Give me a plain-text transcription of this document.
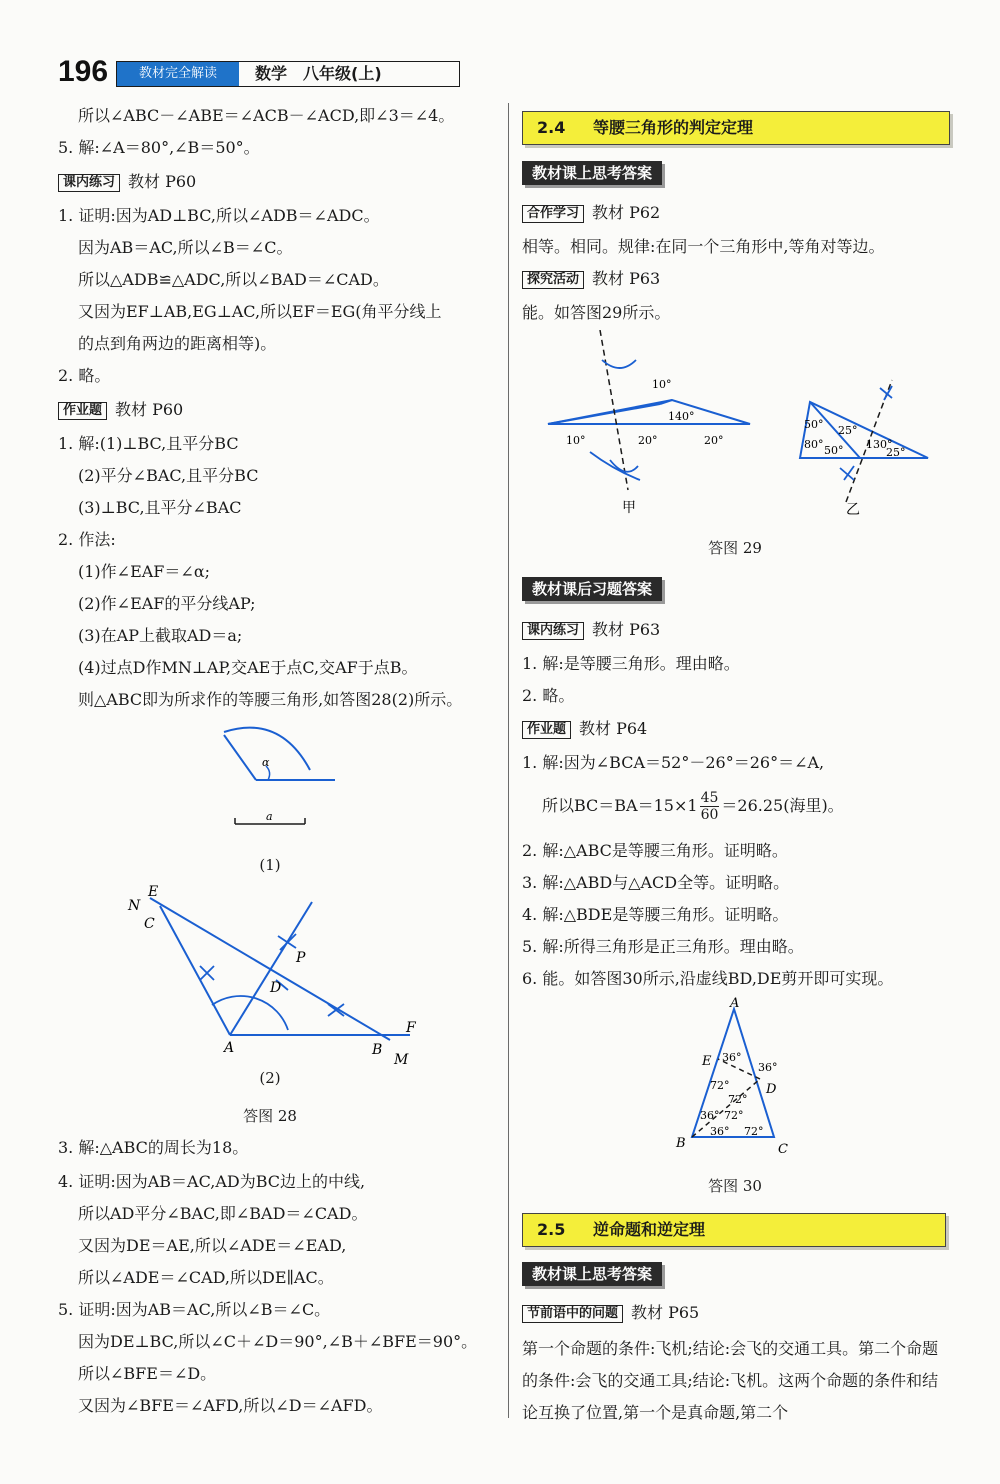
196	教材完全解读	数学　八年级(上)
所以∠ABC－∠ABE＝∠ACB－∠ACD,即∠3＝∠4。
5. 解:∠A＝80°,∠B＝50°。
课内练习 教材 P60
1. 证明:因为AD⊥BC,所以∠ADB＝∠ADC。
因为AB＝AC,所以∠B＝∠C。
所以△ADB≌△ADC,所以∠BAD＝∠CAD。
又因为EF⊥AB,EG⊥AC,所以EF＝EG(角平分线上
的点到角两边的距离相等)。
2. 略。
作业题 教材 P60
1. 解:(1)⊥BC,且平分BC
(2)平分∠BAC,且平分BC
(3)⊥BC,且平分∠BAC
2. 作法:
(1)作∠EAF＝∠α;
(2)作∠EAF的平分线AP;
(3)在AP上截取AD＝a;
(4)过点D作MN⊥AP,交AE于点C,交AF于点B。
则△ABC即为所求作的等腰三角形,如答图28(2)所示。
α
a
(1)
E
N
C
P
D
A	B
F
M
(2)
答图 28
3. 解:△ABC的周长为18。
4. 证明:因为AB＝AC,AD为BC边上的中线,
所以AD平分∠BAC,即∠BAD＝∠CAD。
又因为DE＝AE,所以∠ADE＝∠EAD,
所以∠ADE＝∠CAD,所以DE∥AC。
5. 证明:因为AB＝AC,所以∠B＝∠C。
因为DE⊥BC,所以∠C＋∠D＝90°,∠B＋∠BFE＝90°。
所以∠BFE＝∠D。
又因为∠BFE＝∠AFD,所以∠D＝∠AFD。
2.4 等腰三角形的判定定理
教材课上思考答案
合作学习 教材 P62
相等。相同。规律:在同一个三角形中,等角对等边。
探究活动 教材 P63
能。如答图29所示。
10°
140°
10°	20°	20°
甲
50°
80°
25°
50° 130°
25°
乙
答图 29
教材课后习题答案
课内练习 教材 P63
1. 解:是等腰三角形。理由略。
2. 略。
作业题 教材 P64
1. 解:因为∠BCA＝52°－26°＝26°＝∠A,
所以$BC=BA=15\times 1 \frac{45}{60} =26.25$(海里)。
2. 解:△ABC是等腰三角形。证明略。
3. 解:△ABD与△ACD全等。证明略。
4. 解:△BDE是等腰三角形。证明略。
5. 解:所得三角形是正三角形。理由略。
6. 能。如答图30所示,沿虚线BD,DE剪开即可实现。
A
E
D
B	C
36°
36°
72°
72°
72°
36°
36° 72°
答图 30
2.5 逆命题和逆定理
教材课上思考答案
节前语中的问题 教材 P65
第一个命题的条件:飞机;结论:会飞的交通工具。第二个命题的条件:会飞的交通工具;结论:飞机。这两个命题的条件和结论互换了位置,第一个是真命题,第二个
